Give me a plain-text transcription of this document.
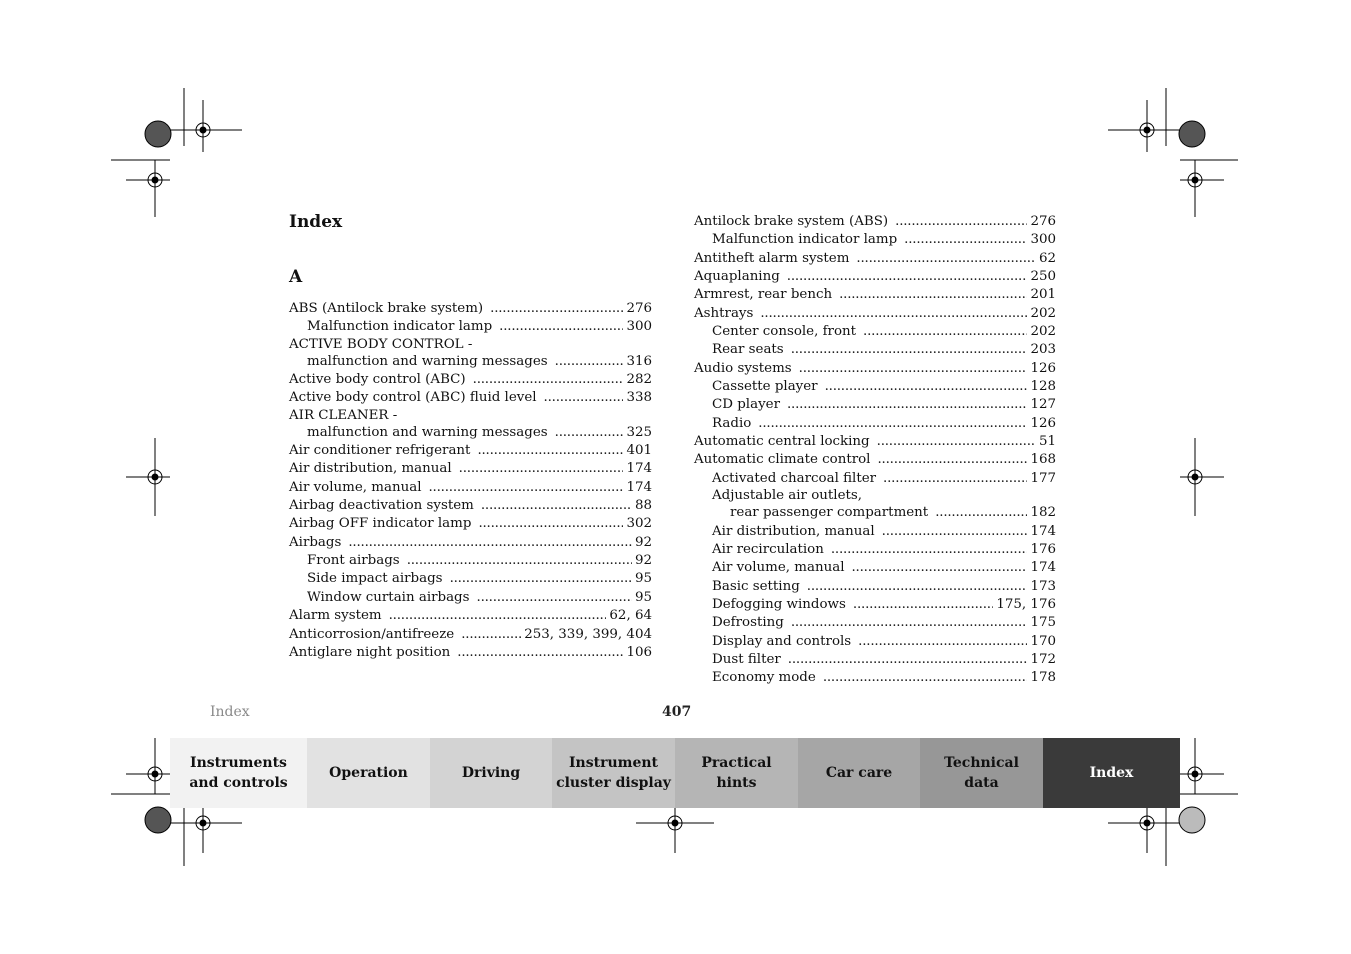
Index
A
ABS (Antilock brake system) .....	276
Malfunction indicator lamp .....	300
ACTIVE BODY CONTROL -
malfunction and warning messages .....	316
Active body control (ABC) .....	282
Active body control (ABC) fluid level .....	338
AIR CLEANER -
malfunction and warning messages .....	325
Air conditioner refrigerant .....	401
Air distribution, manual .....	174
Air volume, manual .....	174
Airbag deactivation system .....	88
Airbag OFF indicator lamp .....	302
Airbags .....	92
Front airbags .....	92
Side impact airbags .....	95
Window curtain airbags .....	95
Alarm system .....	62, 64
Anticorrosion/antifreeze .....	253, 339, 399, 404
Antiglare night position .....	106
Antilock brake system (ABS) .....	276
Malfunction indicator lamp .....	300
Antitheft alarm system .....	62
Aquaplaning .....	250
Armrest, rear bench .....	201
Ashtrays .....	202
Center console, front .....	202
Rear seats .....	203
Audio systems .....	126
Cassette player .....	128
CD player .....	127
Radio .....	126
Automatic central locking .....	51
Automatic climate control .....	168
Activated charcoal filter .....	177
Adjustable air outlets,
rear passenger compartment .....	182
Air distribution, manual .....	174
Air recirculation .....	176
Air volume, manual .....	174
Basic setting .....	173
Defogging windows .....	175, 176
Defrosting .....	175
Display and controls .....	170
Dust filter .....	172
Economy mode .....	178
Index	407
Instruments
and controls
Operation	Driving
Instrument
cluster display
Practical hints
Car care
Technical
data
Index
